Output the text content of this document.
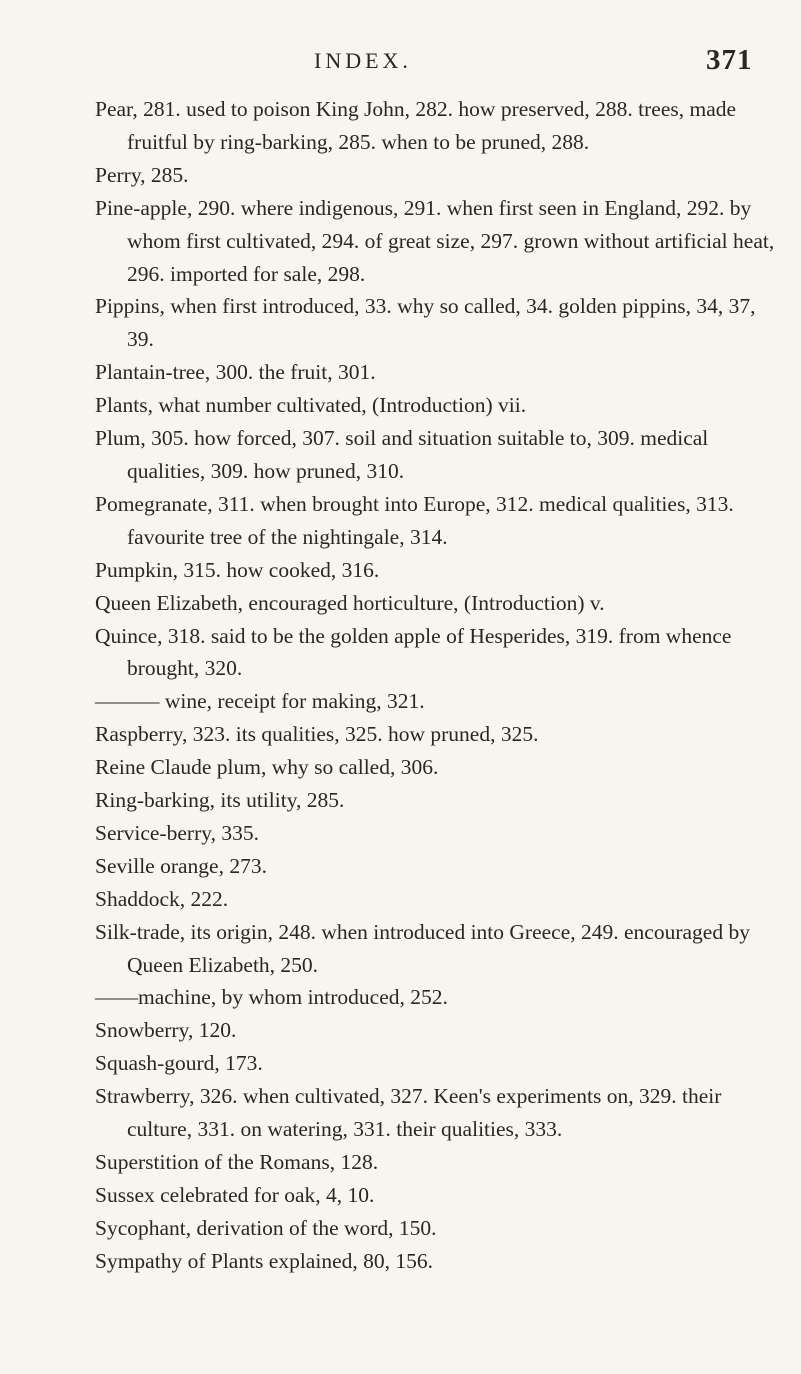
INDEX.	371
Pear, 281. used to poison King John, 282. how preserved, 288. trees, made fruitful by ring-barking, 285. when to be pruned, 288.
Perry, 285.
Pine-apple, 290. where indigenous, 291. when first seen in England, 292. by whom first cultivated, 294. of great size, 297. grown without artificial heat, 296. imported for sale, 298.
Pippins, when first introduced, 33. why so called, 34. golden pippins, 34, 37, 39.
Plantain-tree, 300. the fruit, 301.
Plants, what number cultivated, (Introduction) vii.
Plum, 305. how forced, 307. soil and situation suitable to, 309. medical qualities, 309. how pruned, 310.
Pomegranate, 311. when brought into Europe, 312. medical qualities, 313. favourite tree of the nightingale, 314.
Pumpkin, 315. how cooked, 316.
Queen Elizabeth, encouraged horticulture, (Introduction) v.
Quince, 318. said to be the golden apple of Hesperides, 319. from whence brought, 320.
——— wine, receipt for making, 321.
Raspberry, 323. its qualities, 325. how pruned, 325.
Reine Claude plum, why so called, 306.
Ring-barking, its utility, 285.
Service-berry, 335.
Seville orange, 273.
Shaddock, 222.
Silk-trade, its origin, 248. when introduced into Greece, 249. encouraged by Queen Elizabeth, 250.
——machine, by whom introduced, 252.
Snowberry, 120.
Squash-gourd, 173.
Strawberry, 326. when cultivated, 327. Keen's experiments on, 329. their culture, 331. on watering, 331. their qualities, 333.
Superstition of the Romans, 128.
Sussex celebrated for oak, 4, 10.
Sycophant, derivation of the word, 150.
Sympathy of Plants explained, 80, 156.
